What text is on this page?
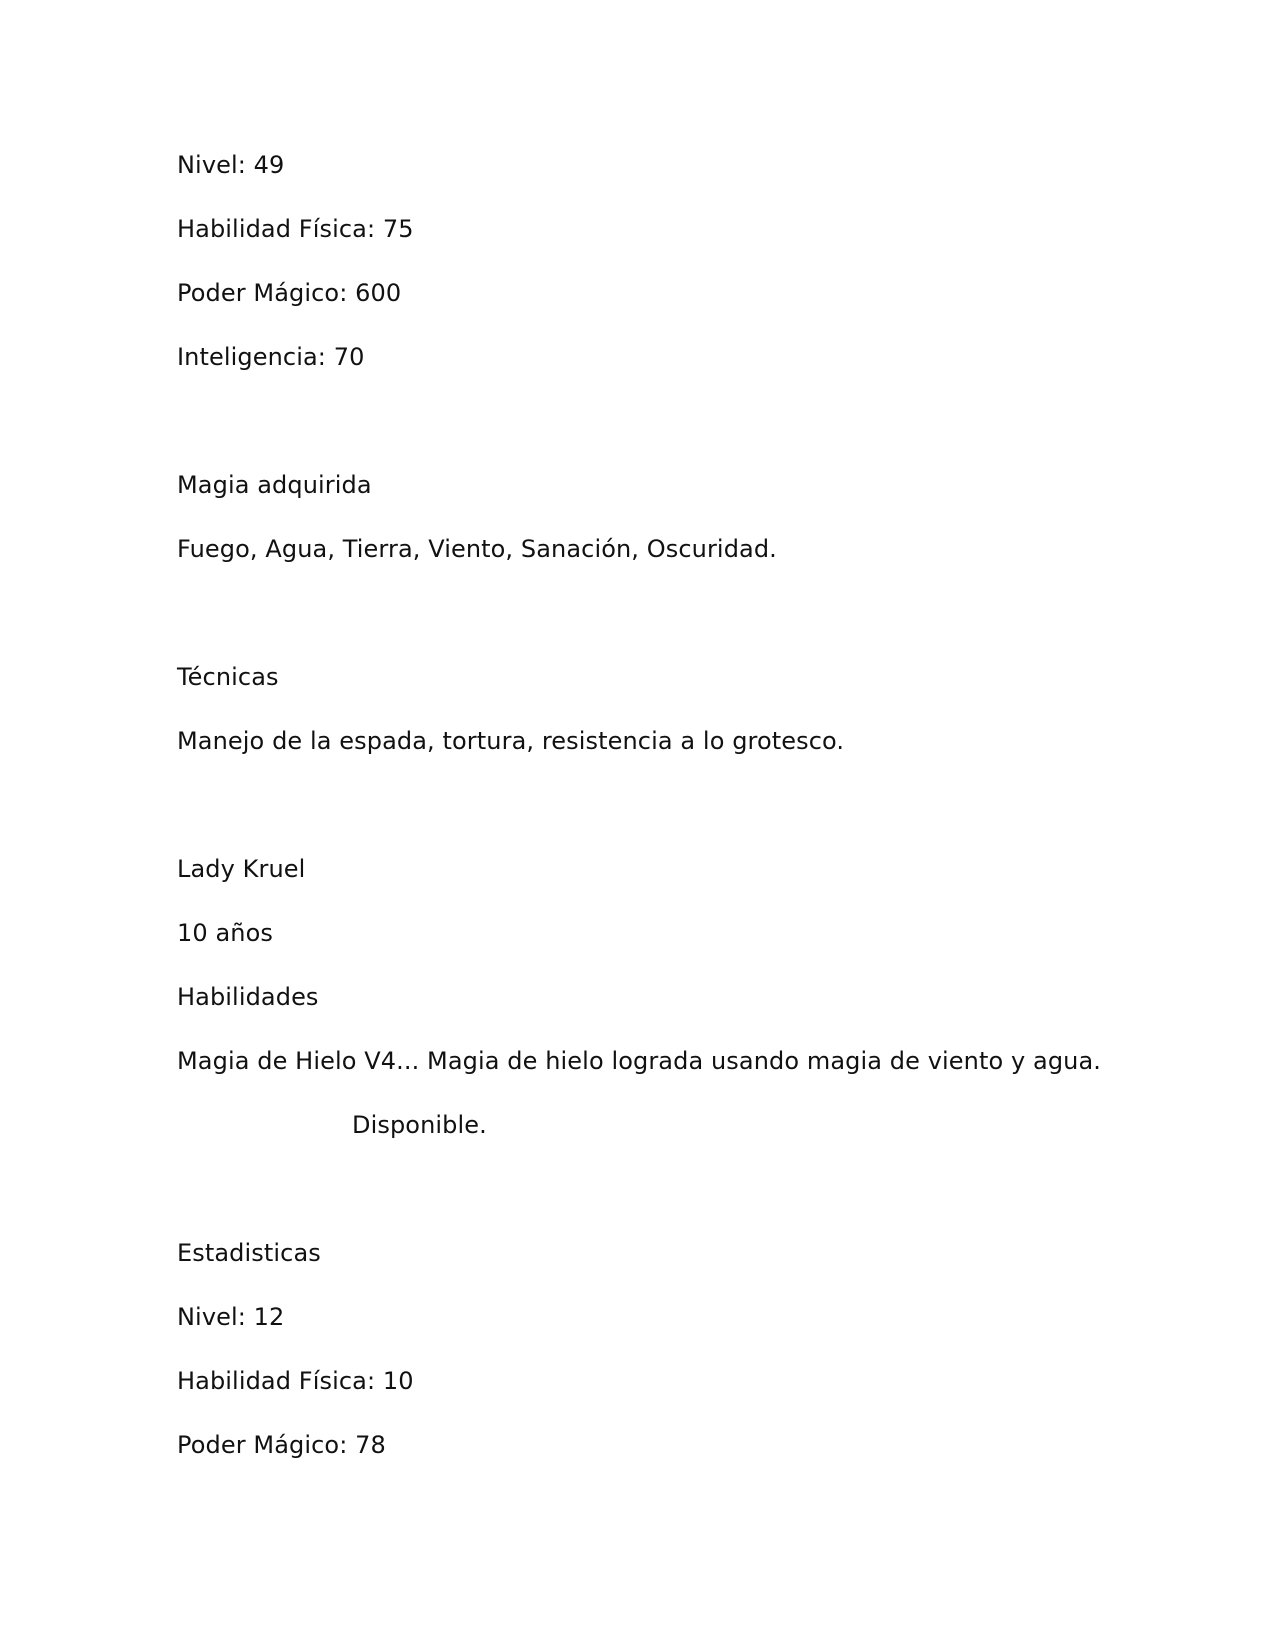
Nivel: 49
Habilidad Física: 75
Poder Mágico: 600
Inteligencia: 70
Magia adquirida
Fuego, Agua, Tierra, Viento, Sanación, Oscuridad.
Técnicas
Manejo de la espada, tortura, resistencia a lo grotesco.
Lady Kruel
10 años
Habilidades
Magia de Hielo V4... Magia de hielo lograda usando magia de viento y agua.
Disponible.
Estadisticas
Nivel: 12
Habilidad Física: 10
Poder Mágico: 78
